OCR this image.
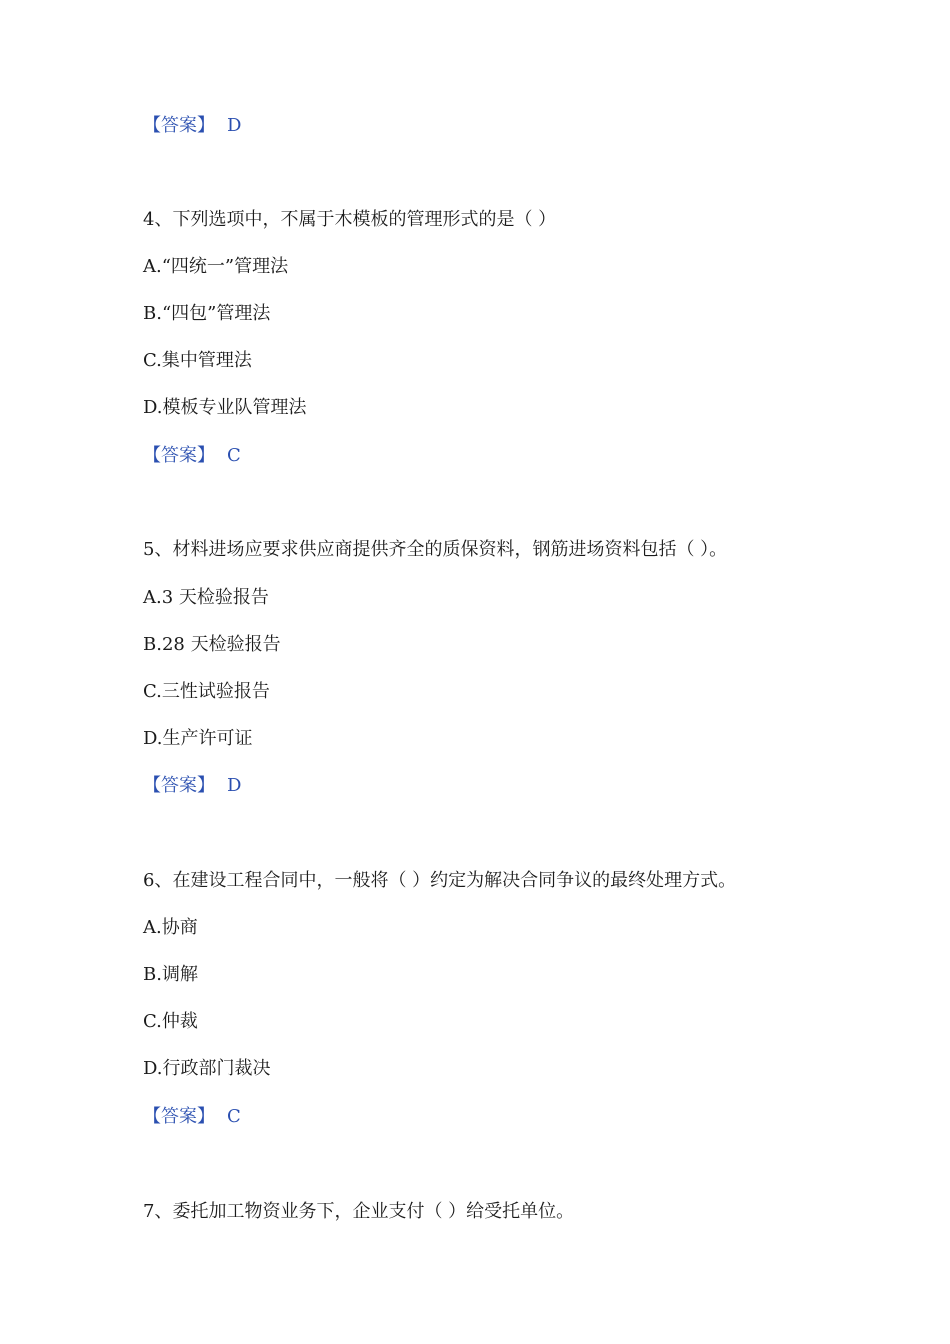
【答案】 D
4、下列选项中，不属于木模板的管理形式的是（ ）
A.“四统一”管理法
B.“四包”管理法
C.集中管理法
D.模板专业队管理法
【答案】 C
5、材料进场应要求供应商提供齐全的质保资料，钢筋进场资料包括（ ）。
A.3 天检验报告
B.28 天检验报告
C.三性试验报告
D.生产许可证
【答案】 D
6、在建设工程合同中，一般将（ ）约定为解决合同争议的最终处理方式。
A.协商
B.调解
C.仲裁
D.行政部门裁决
【答案】 C
7、委托加工物资业务下，企业支付（ ）给受托单位。
